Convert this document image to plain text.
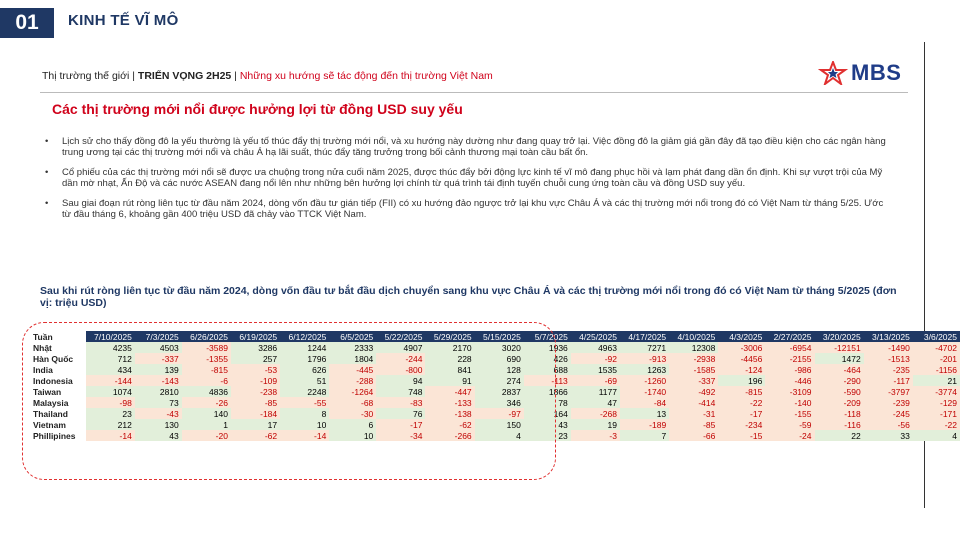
01	KINH TẾ VĨ MÔ
Thị trường thế giới | TRIỂN VỌNG 2H25 | Những xu hướng sẽ tác động đến thị trường Việt Nam	MBS
Các thị trường mới nổi được hưởng lợi từ đồng USD suy yếu
•	Lịch sử cho thấy đồng đô la yếu thường là yếu tố thúc đẩy thị trường mới nổi, và xu hướng này dường như đang quay trở lại. Việc đồng đô la giảm giá gần đây đã tạo điều kiện cho các ngân hàng trung ương tại các thị trường mới nổi và châu Á hạ lãi suất, thúc đẩy tăng trưởng trong bối cảnh thương mại toàn cầu bất ổn.
•	Cổ phiếu của các thị trường mới nổi sẽ được ưa chuộng trong nửa cuối năm 2025, được thúc đẩy bởi động lực kinh tế vĩ mô đang phục hồi và lạm phát đang dần ổn định. Khi sự vượt trội của Mỹ dần mờ nhạt, Ấn Độ và các nước ASEAN đang nổi lên như những bên hưởng lợi chính từ quá trình tái định tuyến chuỗi cung ứng toàn cầu và đồng USD suy yếu.
•	Sau giai đoạn rút ròng liên tục từ đầu năm 2024, dòng vốn đầu tư gián tiếp (FII) có xu hướng đảo ngược trở lại khu vực Châu Á và các thị trường mới nổi trong đó có Việt Nam từ tháng 5/25. Ước từ đầu tháng 6, khoảng gần 400 triệu USD đã chảy vào TTCK Việt Nam.
Sau khi rút ròng liên tục từ đầu năm 2024, dòng vốn đầu tư bắt đầu dịch chuyển sang khu vực Châu Á và các thị trường mới nổi trong đó có Việt Nam từ tháng 5/2025 (đơn vị: triệu USD)
Tuần	7/10/2025	7/3/2025	6/26/2025	6/19/2025	6/12/2025	6/5/2025	5/22/2025	5/29/2025	5/15/2025	5/7/2025	4/25/2025	4/17/2025	4/10/2025	4/3/2025	2/27/2025	3/20/2025	3/13/2025	3/6/2025
Nhật	4235	4503	-3589	3286	1244	2333	4907	2170	3020	1936	4963	7271	12308	-3006	-6954	-12151	-1490	-4702
Hàn Quốc	712	-337	-1355	257	1796	1804	-244	228	690	426	-92	-913	-2938	-4456	-2155	1472	-1513	-201
India	434	139	-815	-53	626	-445	-800	841	128	688	1535	1263	-1585	-124	-986	-464	-235	-1156
Indonesia	-144	-143	-6	-109	51	-288	94	91	274	-113	-69	-1260	-337	196	-446	-290	-117	21
Taiwan	1074	2810	4836	-238	2248	-1264	748	-447	2837	1866	1177	-1740	-492	-815	-3109	-590	-3797	-3774
Malaysia	-98	73	-26	-85	-55	-68	-83	-133	346	78	47	-84	-414	-22	-140	-209	-239	-129
Thailand	23	-43	140	-184	8	-30	76	-138	-97	164	-268	13	-31	-17	-155	-118	-245	-171
Vietnam	212	130	1	17	10	6	-17	-62	150	43	19	-189	-85	-234	-59	-116	-56	-22
Phillipines	-14	43	-20	-62	-14	10	-34	-266	4	23	-3	7	-66	-15	-24	22	33	4
